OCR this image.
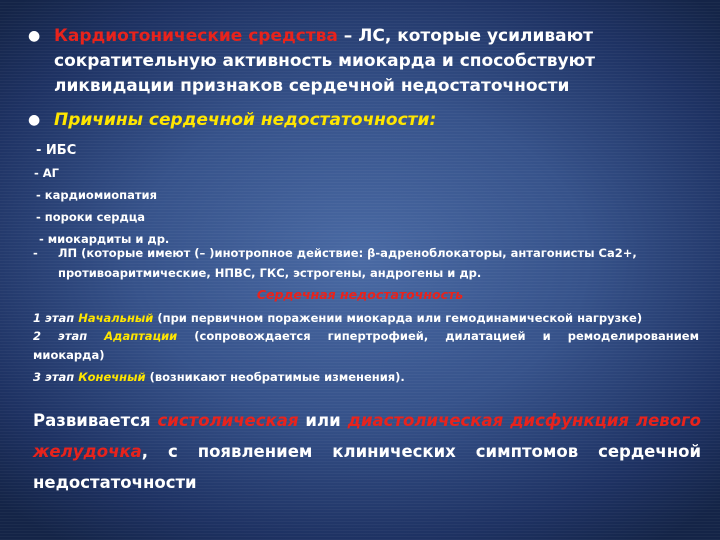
● Кардиотонические средства – ЛС, которые усиливают сократительную активность миокарда и способствуют ликвидации признаков сердечной недостаточности
● Причины сердечной недостаточности:
- ИБС
- АГ
- кардиомиопатия
- пороки сердца
- миокардиты и др.
- ЛП (которые имеют (– )инотропное действие: β-адреноблокаторы, антагонисты Са2+,
противоаритмические, НПВС, ГКС, эстрогены, андрогены и др.
Сердечная недостаточность
1 этап Начальный (при первичном поражении миокарда или гемодинамической нагрузке)
2 этап Адаптации (сопровождается гипертрофией, дилатацией и ремоделированием миокарда)
3 этап Конечный (возникают необратимые изменения).
Развивается систолическая или диастолическая дисфункция левого желудочка, с появлением клинических симптомов сердечной недостаточности
